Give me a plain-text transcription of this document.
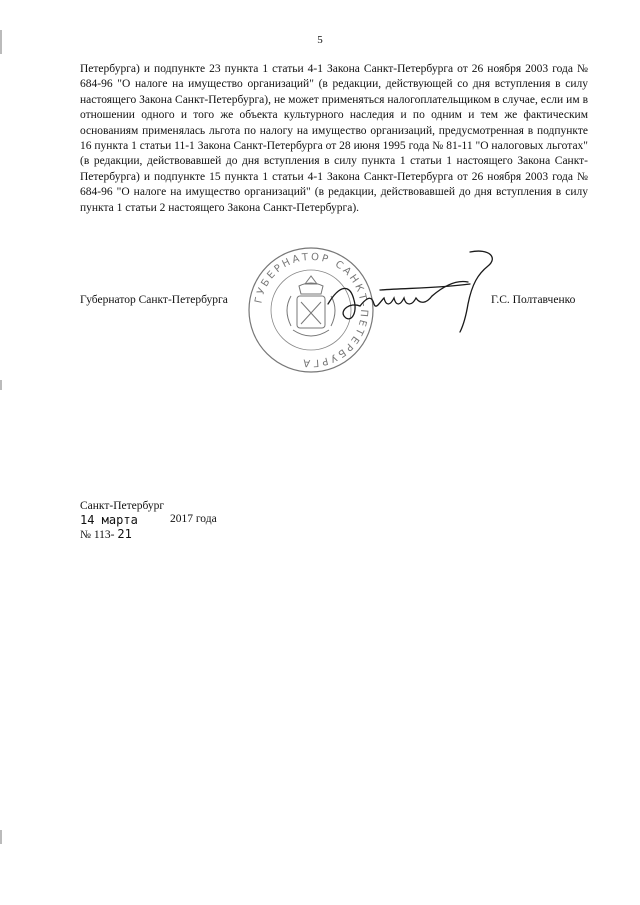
5

Петербурга) и подпункте 23 пункта 1 статьи 4-1 Закона Санкт-Петербурга от 26 ноября 2003 года № 684-96 "О налоге на имущество организаций" (в редакции, действующей со дня вступления в силу настоящего Закона Санкт-Петербурга), не может применяться налогоплательщиком в случае, если им в отношении одного и того же объекта культурного наследия и по одним и тем же фактическим основаниям применялась льгота по налогу на имущество организаций, предусмотренная в подпункте 16 пункта 1 статьи 11-1 Закона Санкт-Петербурга от 28 июня 1995 года № 81-11 "О налоговых льготах" (в редакции, действовавшей до дня вступления в силу пункта 1 статьи 1 настоящего Закона Санкт-Петербурга) и подпункте 15 пункта 1 статьи 4-1 Закона Санкт-Петербурга от 26 ноября 2003 года № 684-96 "О налоге на имущество организаций" (в редакции, действовавшей до дня вступления в силу пункта 1 статьи 2 настоящего Закона Санкт-Петербурга).

ГУБЕРНАТОР САНКТ-ПЕТЕРБУРГА
Губернатор Санкт-Петербурга	Г.С. Полтавченко
Санкт-Петербург
14 марта	2017 года
№ 113- 21
